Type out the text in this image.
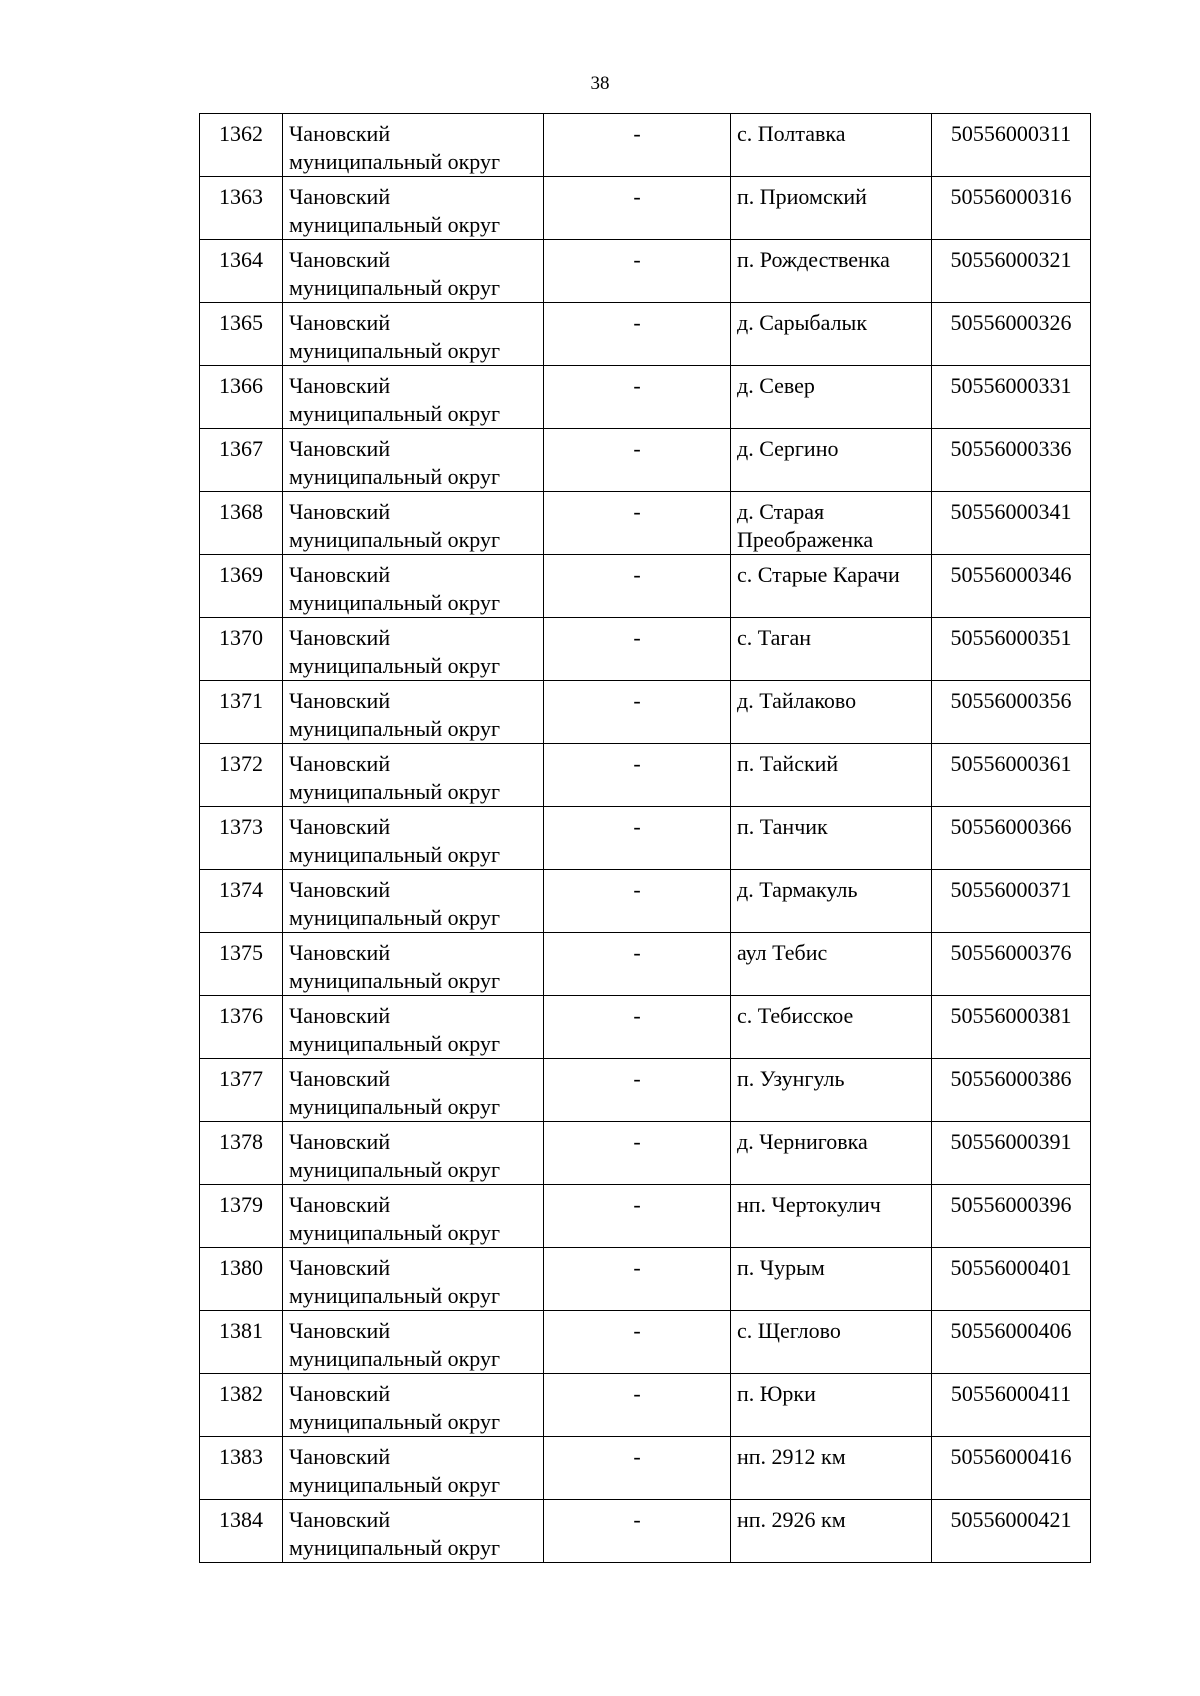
38
1362	Чановский
муниципальный округ	-	с. Полтавка	50556000311
1363	Чановский
муниципальный округ	-	п. Приомский	50556000316
1364	Чановский
муниципальный округ	-	п. Рождественка	50556000321
1365	Чановский
муниципальный округ	-	д. Сарыбалык	50556000326
1366	Чановский
муниципальный округ	-	д. Север	50556000331
1367	Чановский
муниципальный округ	-	д. Сергино	50556000336
1368	Чановский
муниципальный округ	-	д. Старая Преображенка	50556000341
1369	Чановский
муниципальный округ	-	с. Старые Карачи	50556000346
1370	Чановский
муниципальный округ	-	с. Таган	50556000351
1371	Чановский
муниципальный округ	-	д. Тайлаково	50556000356
1372	Чановский
муниципальный округ	-	п. Тайский	50556000361
1373	Чановский
муниципальный округ	-	п. Танчик	50556000366
1374	Чановский
муниципальный округ	-	д. Тармакуль	50556000371
1375	Чановский
муниципальный округ	-	аул Тебис	50556000376
1376	Чановский
муниципальный округ	-	с. Тебисское	50556000381
1377	Чановский
муниципальный округ	-	п. Узунгуль	50556000386
1378	Чановский
муниципальный округ	-	д. Черниговка	50556000391
1379	Чановский
муниципальный округ	-	нп. Чертокулич	50556000396
1380	Чановский
муниципальный округ	-	п. Чурым	50556000401
1381	Чановский
муниципальный округ	-	с. Щеглово	50556000406
1382	Чановский
муниципальный округ	-	п. Юрки	50556000411
1383	Чановский
муниципальный округ	-	нп. 2912 км	50556000416
1384	Чановский
муниципальный округ	-	нп. 2926 км	50556000421
